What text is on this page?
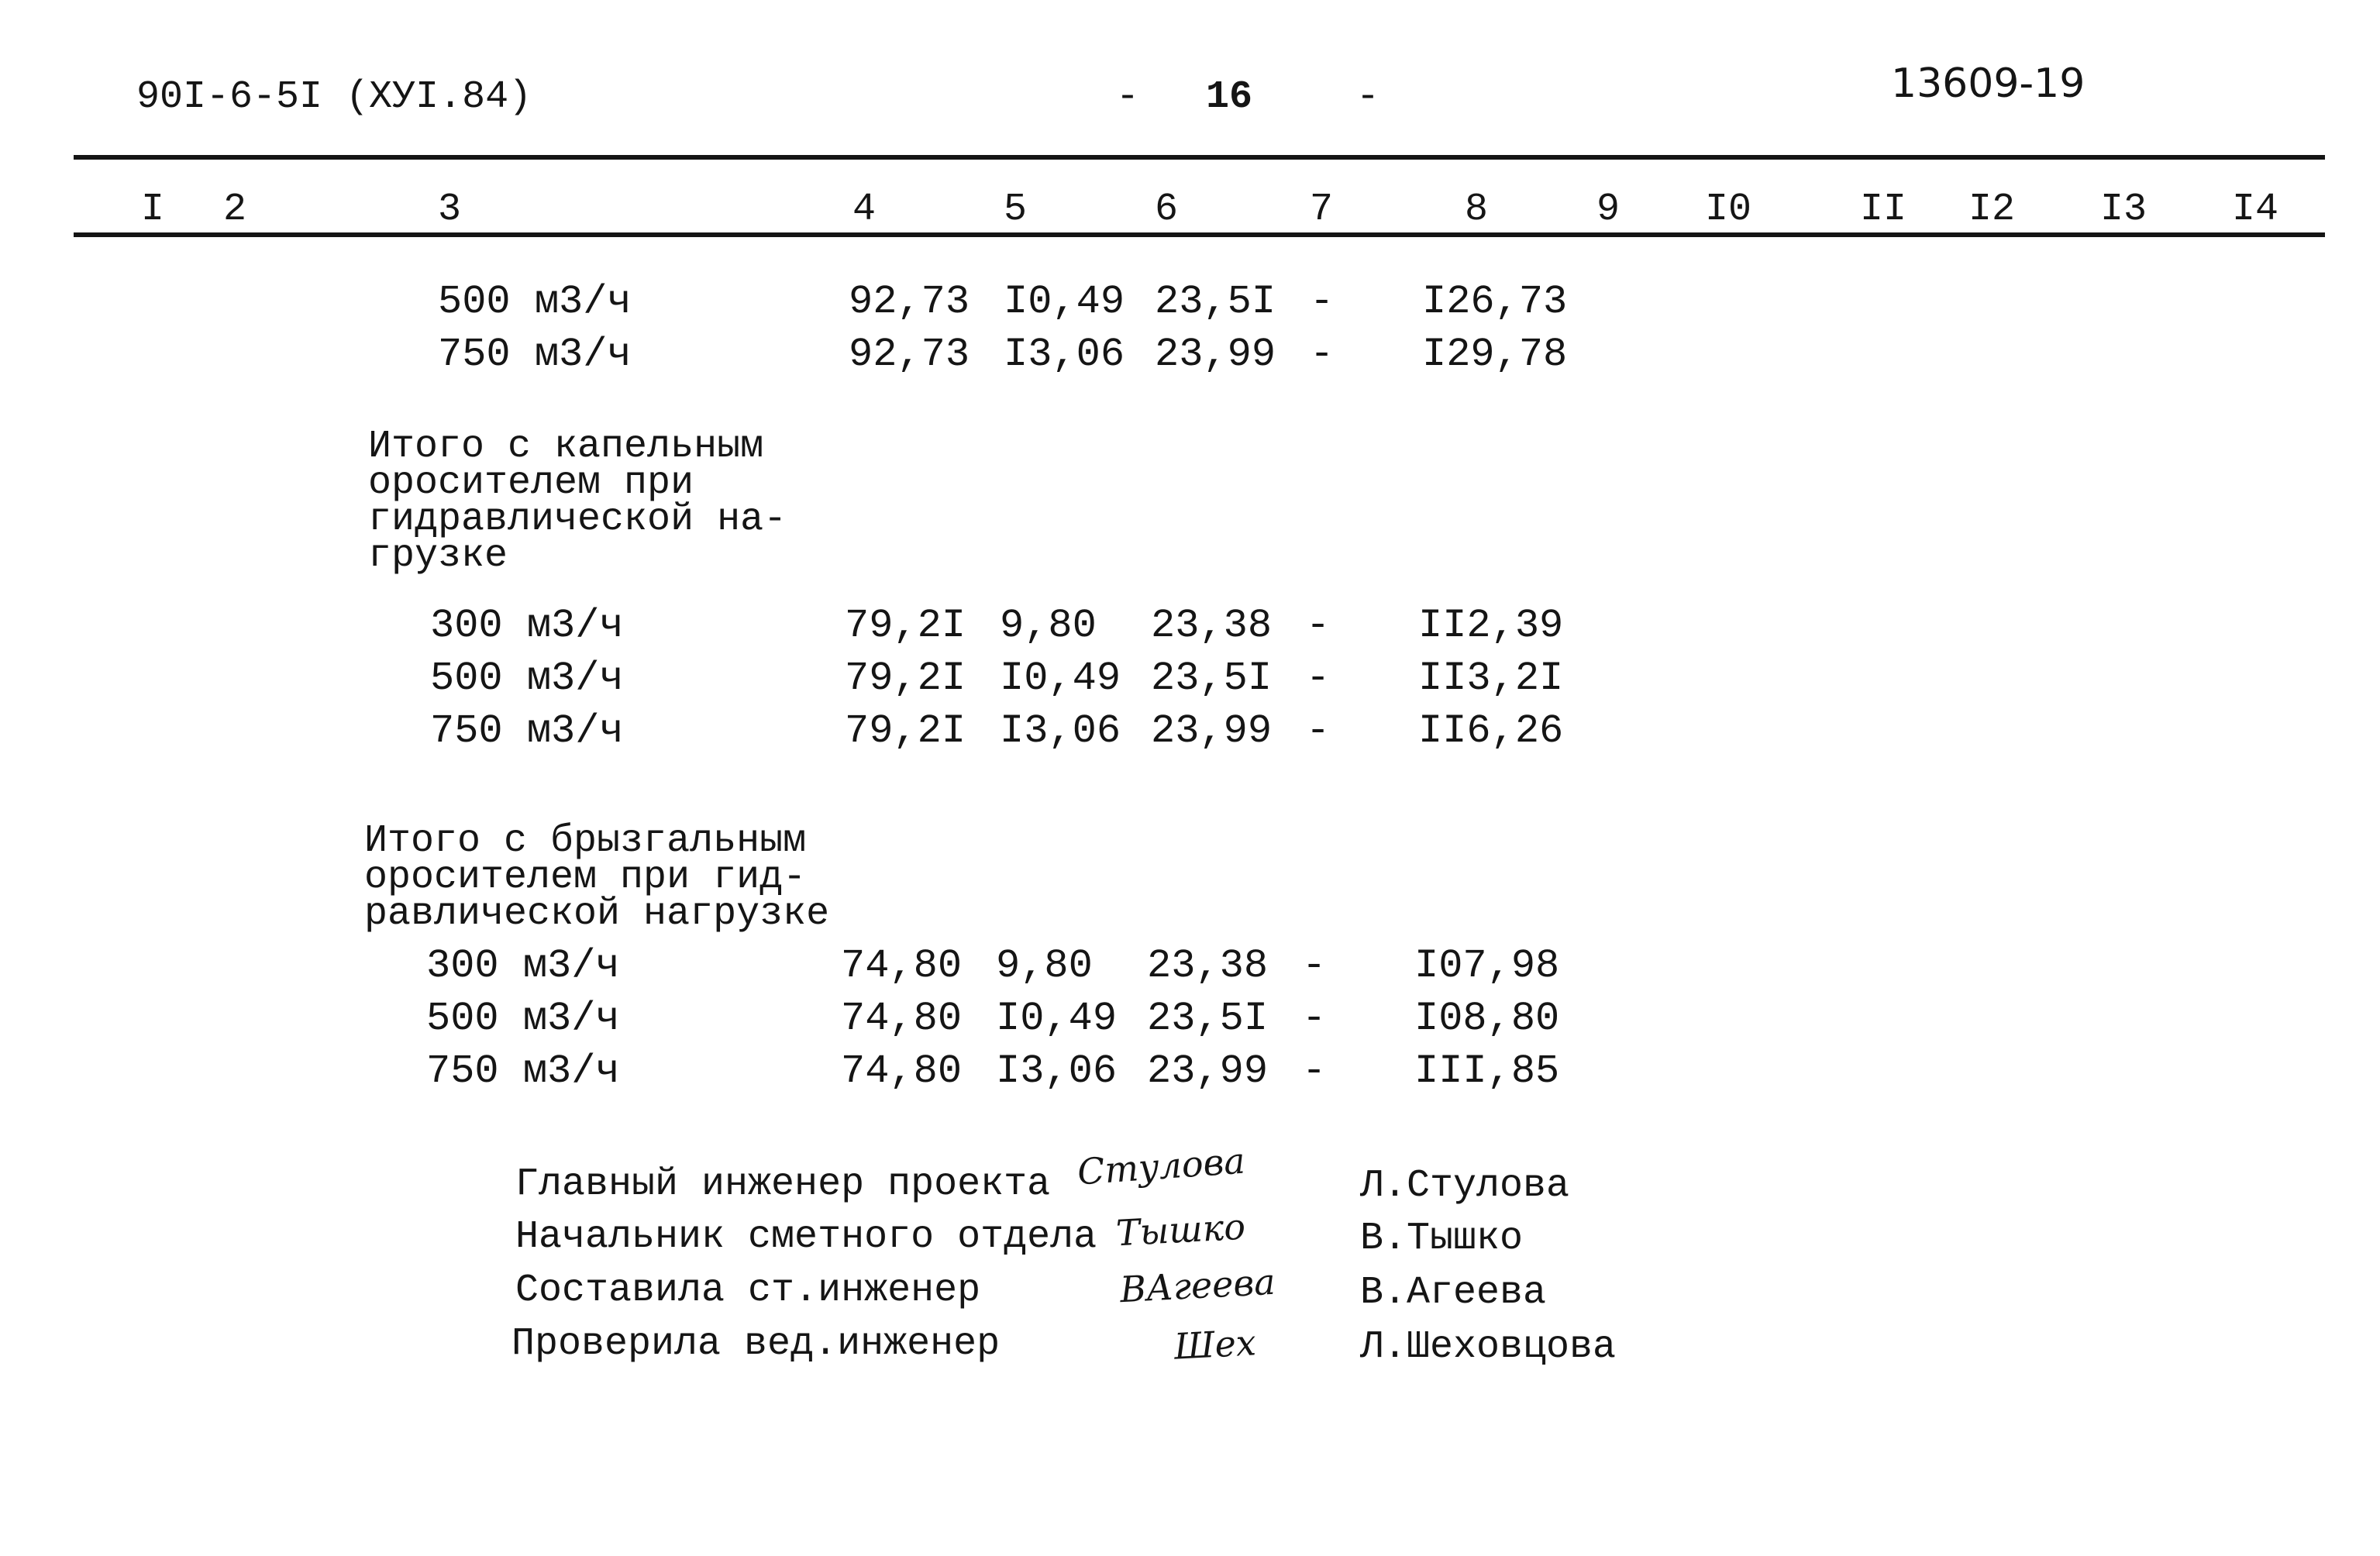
90I-6-5I (XУI.84)	- 16	-	13609-19
I 2	3	4	5	6	7	8	9 I0	II I2 I3 I4
500 м3/ч	92,73 I0,49 23,5I - I26,73
750 м3/ч	92,73 I3,06 23,99 - I29,78
Итого с капельным
оросителем при
гидравлической на-
грузке
300 м3/ч	79,2I 9,80 23,38 - II2,39
500 м3/ч	79,2I I0,49 23,5I - II3,2I
750 м3/ч	79,2I I3,06 23,99 - II6,26
Итого с брызгальным
оросителем при гид-
равлической нагрузке
300 м3/ч	74,80 9,80 23,38 - I07,98
500 м3/ч	74,80 I0,49 23,5I - I08,80
750 м3/ч	74,80 I3,06 23,99 - III,85
Главный инженер проекта Стулова	Л.Стулова
Начальник сметного отдела Тышко	В.Тышко
Составила ст.инженер	ВАгеева В.Агеева
Проверила вед.инженер	Шех	Л.Шеховцова
